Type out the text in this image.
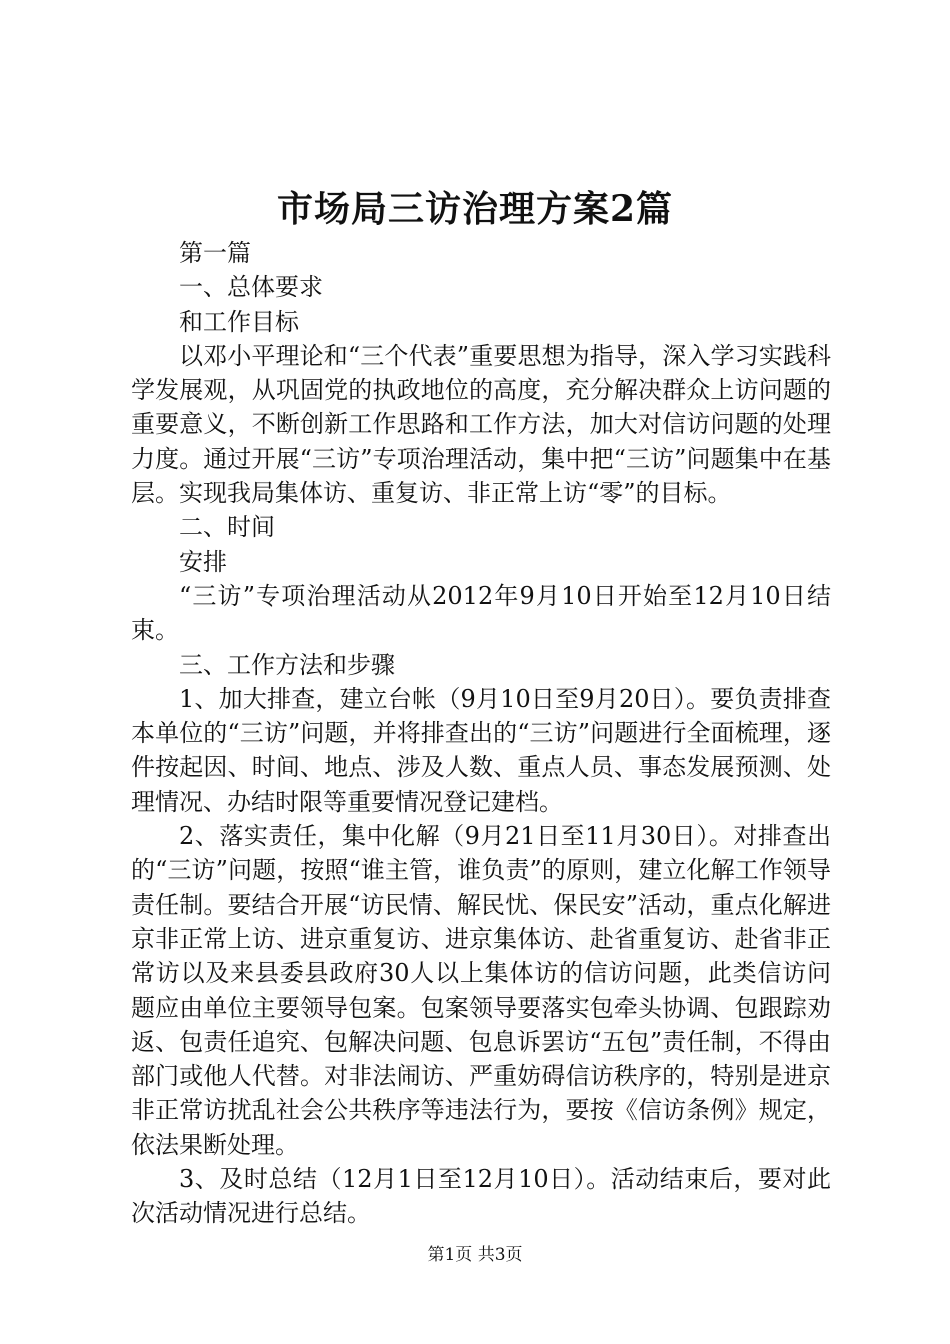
市场局三访治理方案2篇
第一篇
一、总体要求
和工作目标

以邓小平理论和“三个代表”重要思想为指导，深入学习实践科学发展观，从巩固党的执政地位的高度，充分解决群众上访问题的重要意义，不断创新工作思路和工作方法，加大对信访问题的处理力度。通过开展“三访”专项治理活动，集中把“三访”问题集中在基层。实现我局集体访、重复访、非正常上访“零”的目标。

二、时间
安排

“三访”专项治理活动从2012年9月10日开始至12月10日结束。

三、工作方法和步骤

1、加大排查，建立台帐（9月10日至9月20日）。要负责排查本单位的“三访”问题，并将排查出的“三访”问题进行全面梳理，逐件按起因、时间、地点、涉及人数、重点人员、事态发展预测、处理情况、办结时限等重要情况登记建档。

2、落实责任，集中化解（9月21日至11月30日）。对排查出的“三访”问题，按照“谁主管，谁负责”的原则，建立化解工作领导责任制。要结合开展“访民情、解民忧、保民安”活动，重点化解进京非正常上访、进京重复访、进京集体访、赴省重复访、赴省非正常访以及来县委县政府30人以上集体访的信访问题，此类信访问题应由单位主要领导包案。包案领导要落实包牵头协调、包跟踪劝返、包责任追究、包解决问题、包息诉罢访“五包”责任制，不得由部门或他人代替。对非法闹访、严重妨碍信访秩序的，特别是进京非正常访扰乱社会公共秩序等违法行为，要按《信访条例》规定，依法果断处理。

3、及时总结（12月1日至12月10日）。活动结束后，要对此次活动情况进行总结。

第1页 共3页
